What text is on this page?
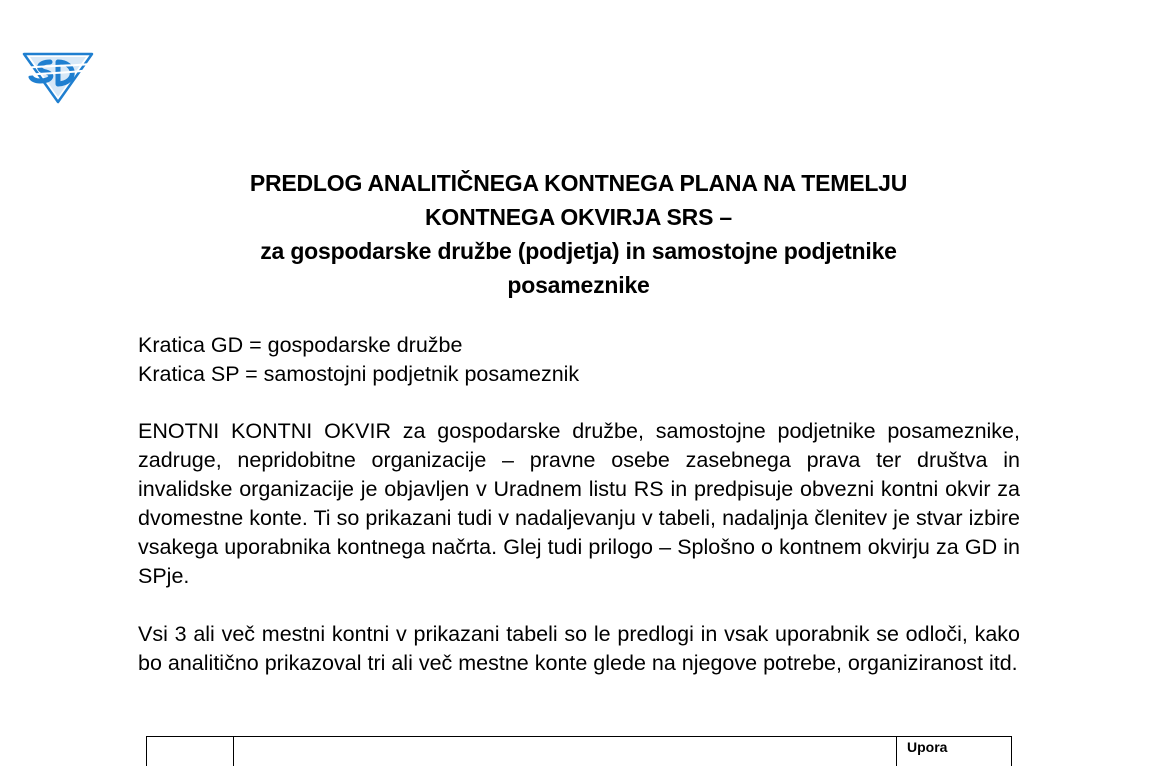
PREDLOG ANALITIČNEGA KONTNEGA PLANA NA TEMELJU
KONTNEGA OKVIRJA SRS –
za gospodarske družbe (podjetja) in samostojne podjetnike
posameznike
Kratica GD = gospodarske družbe
Kratica SP = samostojni podjetnik posameznik
ENOTNI KONTNI OKVIR za gospodarske družbe, samostojne podjetnike posameznike, zadruge, nepridobitne organizacije – pravne osebe zasebnega prava ter društva in invalidske organizacije je objavljen v Uradnem listu RS in predpisuje obvezni kontni okvir za dvomestne konte. Ti so prikazani tudi v nadaljevanju v tabeli, nadaljnja členitev je stvar izbire vsakega uporabnika kontnega načrta. Glej tudi prilogo – Splošno o kontnem okvirju za GD in SPje.
Vsi 3 ali več mestni kontni v prikazani tabeli so le predlogi in vsak uporabnik se odloči, kako bo analitično prikazoval tri ali več mestne konte glede na njegove potrebe, organiziranost itd.
		Upora
